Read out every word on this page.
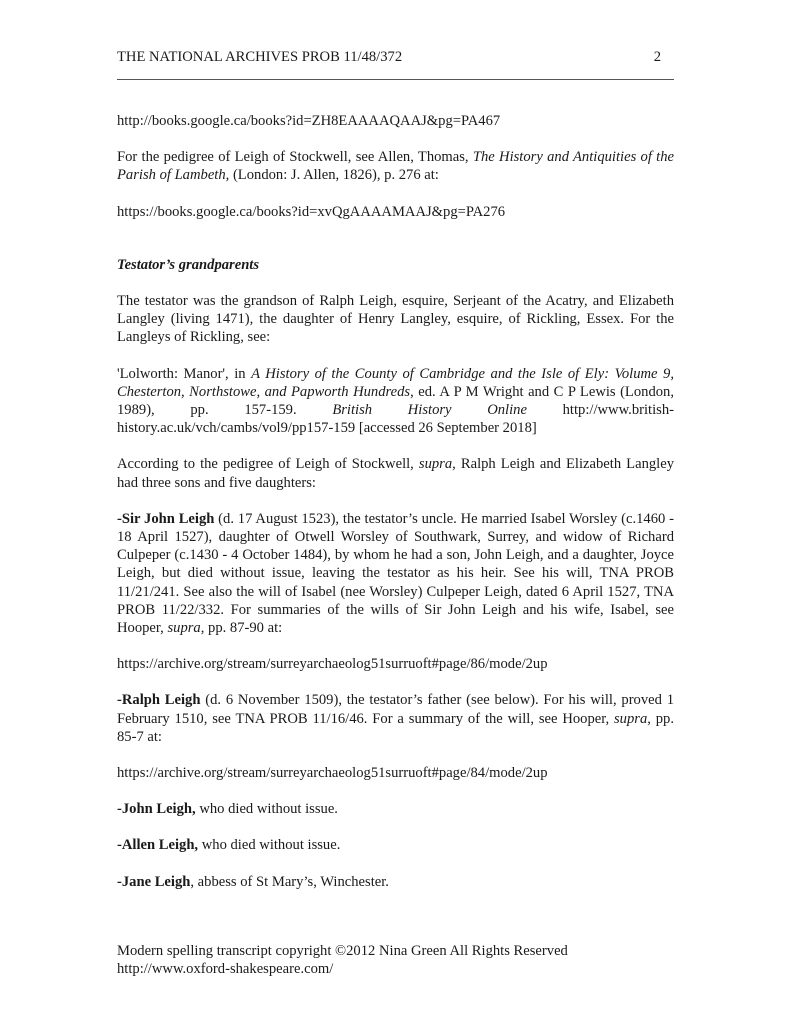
THE NATIONAL ARCHIVES PROB 11/48/372	2

http://books.google.ca/books?id=ZH8EAAAAQAAJ&pg=PA467

For the pedigree of Leigh of Stockwell, see Allen, Thomas, The History and Antiquities of the Parish of Lambeth, (London: J. Allen, 1826), p. 276 at:

https://books.google.ca/books?id=xvQgAAAAMAAJ&pg=PA276

Testator’s grandparents

The testator was the grandson of Ralph Leigh, esquire, Serjeant of the Acatry, and Elizabeth Langley (living 1471), the daughter of Henry Langley, esquire, of Rickling, Essex. For the Langleys of Rickling, see:

'Lolworth: Manor', in A History of the County of Cambridge and the Isle of Ely: Volume 9, Chesterton, Northstowe, and Papworth Hundreds, ed. A P M Wright and C P Lewis (London, 1989), pp. 157-159. British History Online http://www.british-history.ac.uk/vch/cambs/vol9/pp157-159 [accessed 26 September 2018]

According to the pedigree of Leigh of Stockwell, supra, Ralph Leigh and Elizabeth Langley had three sons and five daughters:

-Sir John Leigh (d. 17 August 1523), the testator’s uncle. He married Isabel Worsley (c.1460 - 18 April 1527), daughter of Otwell Worsley of Southwark, Surrey, and widow of Richard Culpeper (c.1430 - 4 October 1484), by whom he had a son, John Leigh, and a daughter, Joyce Leigh, but died without issue, leaving the testator as his heir. See his will, TNA PROB 11/21/241. See also the will of Isabel (nee Worsley) Culpeper Leigh, dated 6 April 1527, TNA PROB 11/22/332. For summaries of the wills of Sir John Leigh and his wife, Isabel, see Hooper, supra, pp. 87-90 at:

https://archive.org/stream/surreyarchaeolog51surruoft#page/86/mode/2up

-Ralph Leigh (d. 6 November 1509), the testator’s father (see below). For his will, proved 1 February 1510, see TNA PROB 11/16/46. For a summary of the will, see Hooper, supra, pp. 85-7 at:

https://archive.org/stream/surreyarchaeolog51surruoft#page/84/mode/2up

-John Leigh, who died without issue.

-Allen Leigh, who died without issue.

-Jane Leigh, abbess of St Mary’s, Winchester.

Modern spelling transcript copyright ©2012 Nina Green All Rights Reserved
http://www.oxford-shakespeare.com/
